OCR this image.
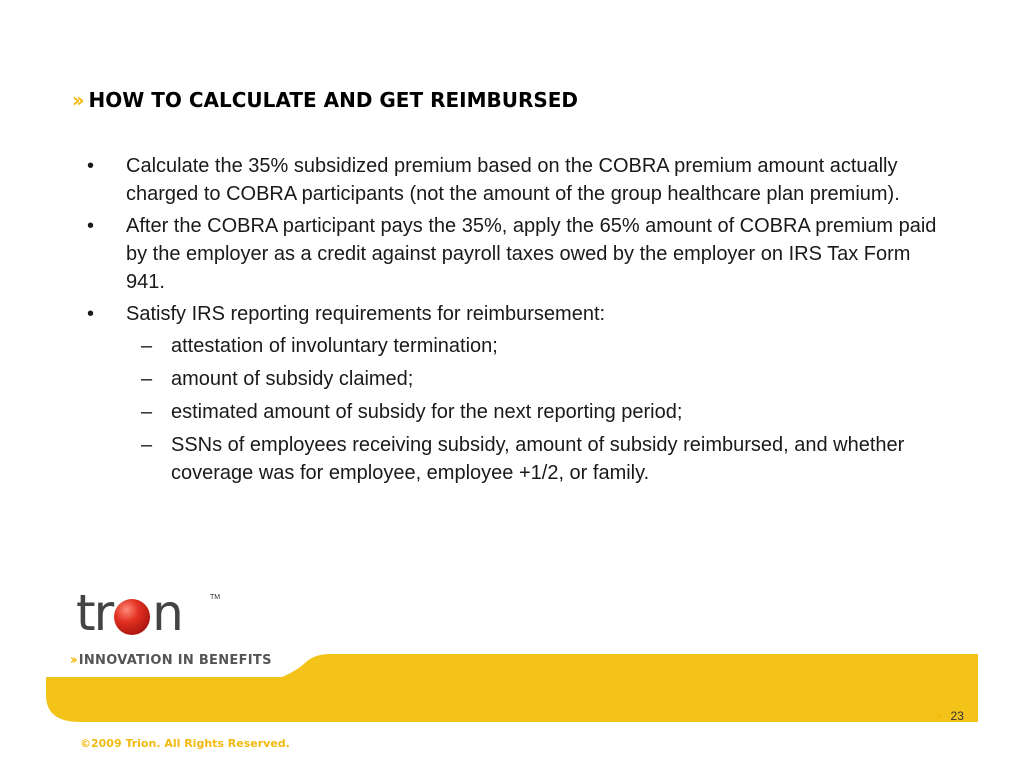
›› HOW TO CALCULATE AND GET REIMBURSED
• Calculate the 35% subsidized premium based on the COBRA premium amount actually charged to COBRA participants (not the amount of the group healthcare plan premium).
• After the COBRA participant pays the 35%, apply the 65% amount of COBRA premium paid by the employer as a credit against payroll taxes owed by the employer on IRS Tax Form 941.
• Satisfy IRS reporting requirements for reimbursement:
– attestation of involuntary termination;
– amount of subsidy claimed;
– estimated amount of subsidy for the next reporting period;
– SSNs of employees receiving subsidy, amount of subsidy reimbursed, and whether coverage was for employee, employee +1/2, or family.
tr n	TM
›› INNOVATION IN BENEFITS
›› 23
©2009 Trion. All Rights Reserved.
